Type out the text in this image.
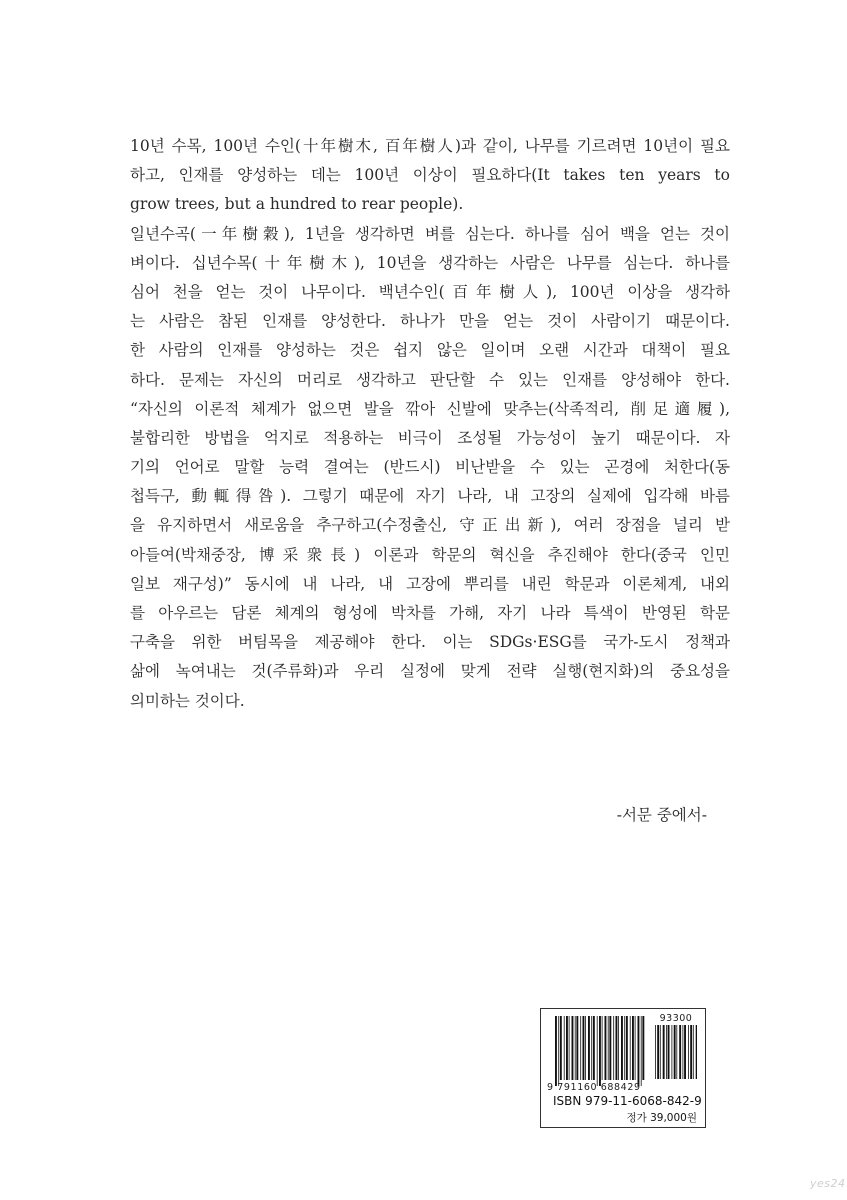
10년 수목, 100년 수인(十年樹木, 百年樹人)과 같이, 나무를 기르려면 10년이 필요
하고, 인재를 양성하는 데는 100년 이상이 필요하다(It takes ten years to
grow trees, but a hundred to rear people).
일년수곡(一年樹穀), 1년을 생각하면 벼를 심는다. 하나를 심어 백을 얻는 것이
벼이다. 십년수목(十年樹木), 10년을 생각하는 사람은 나무를 심는다. 하나를
심어 천을 얻는 것이 나무이다. 백년수인(百年樹人), 100년 이상을 생각하
는 사람은 참된 인재를 양성한다. 하나가 만을 얻는 것이 사람이기 때문이다.
한 사람의 인재를 양성하는 것은 쉽지 않은 일이며 오랜 시간과 대책이 필요
하다. 문제는 자신의 머리로 생각하고 판단할 수 있는 인재를 양성해야 한다.
“자신의 이론적 체계가 없으면 발을 깎아 신발에 맞추는(삭족적리, 削足適履),
불합리한 방법을 억지로 적용하는 비극이 조성될 가능성이 높기 때문이다. 자
기의 언어로 말할 능력 결여는 (반드시) 비난받을 수 있는 곤경에 처한다(동
첩득구, 動輒得咎). 그렇기 때문에 자기 나라, 내 고장의 실제에 입각해 바름
을 유지하면서 새로움을 추구하고(수정출신, 守正出新), 여러 장점을 널리 받
아들여(박채중장, 博采衆長) 이론과 학문의 혁신을 추진해야 한다(중국 인민
일보 재구성)” 동시에 내 나라, 내 고장에 뿌리를 내린 학문과 이론체계, 내외
를 아우르는 담론 체계의 형성에 박차를 가해, 자기 나라 특색이 반영된 학문
구축을 위한 버팀목을 제공해야 한다. 이는 SDGs·ESG를 국가-도시 정책과
삶에 녹여내는 것(주류화)과 우리 실정에 맞게 전략 실행(현지화)의 중요성을
의미하는 것이다.
-서문 중에서-
93300
9 791160 688429
ISBN 979-11-6068-842-9
정가 39,000원
yes24
